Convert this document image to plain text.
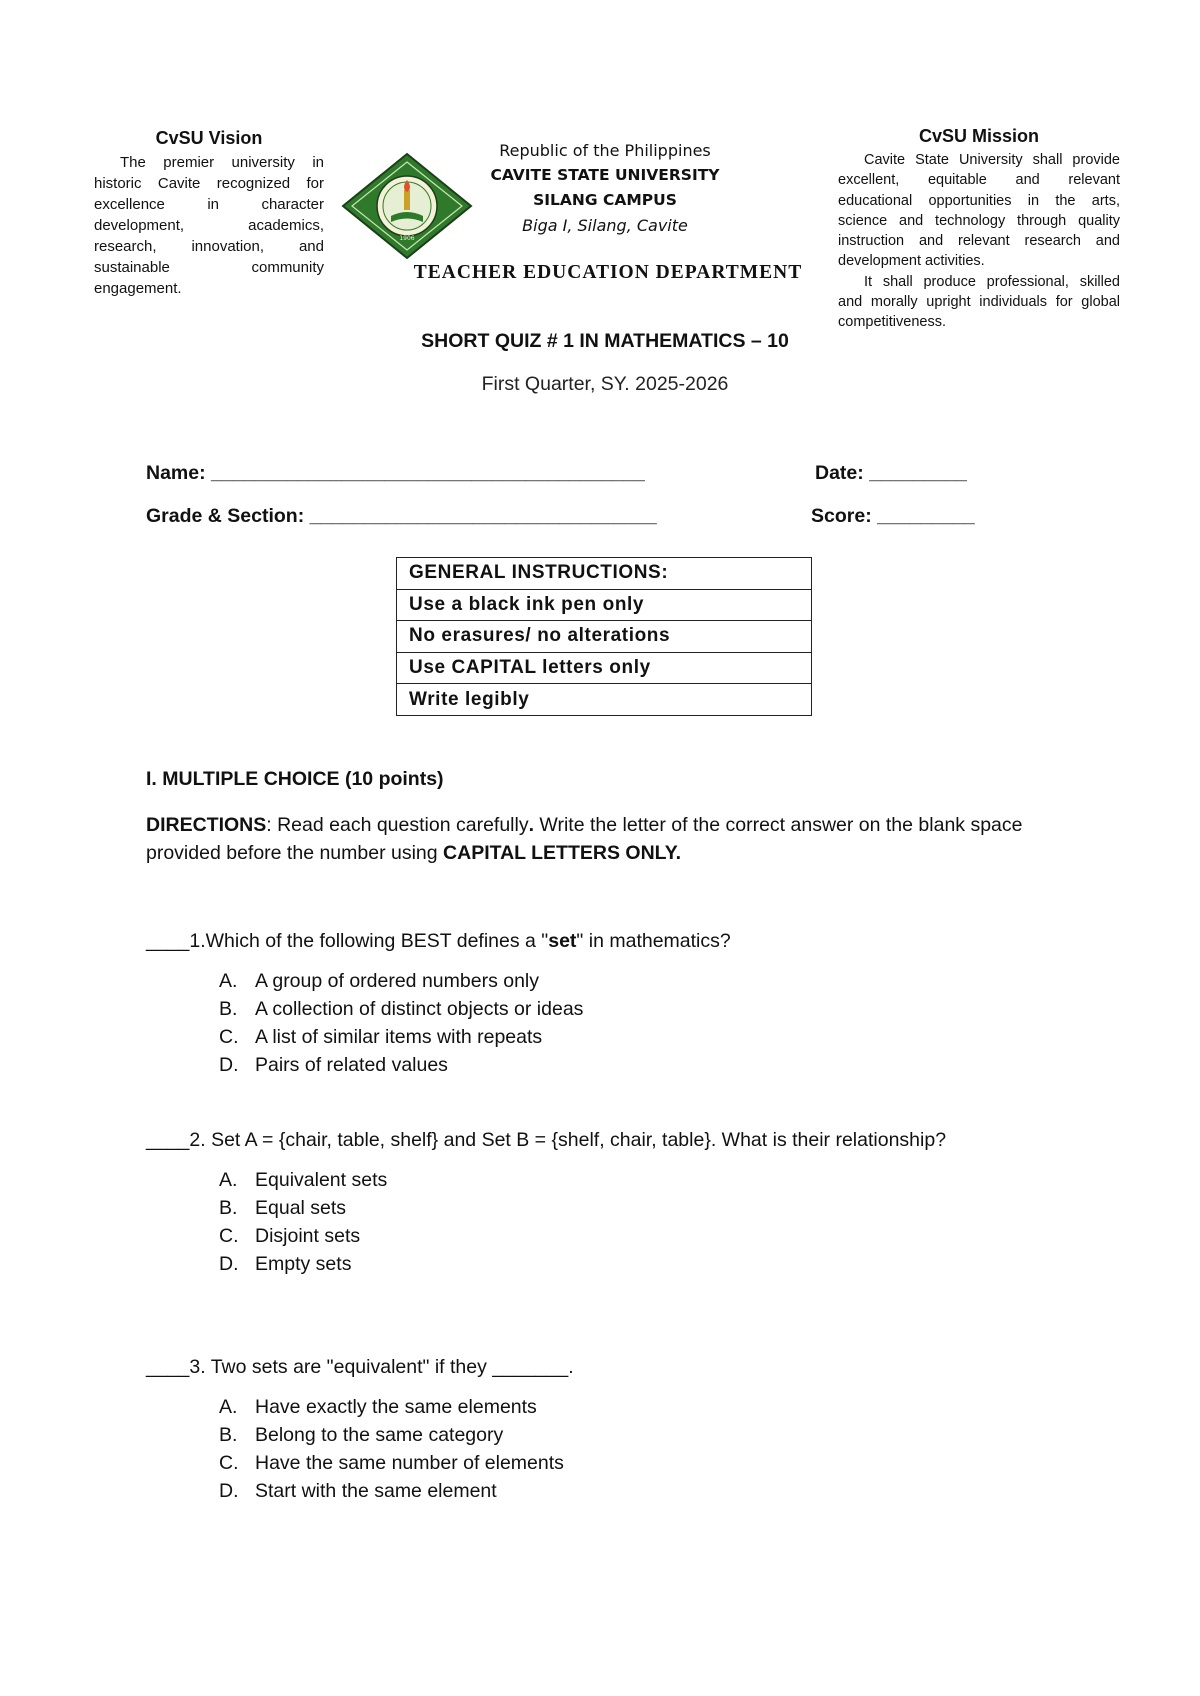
CvSU Vision
The premier university in historic Cavite recognized for excellence in character development, academics, research, innovation, and sustainable community engagement.
1906
Republic of the Philippines
CAVITE STATE UNIVERSITY
SILANG CAMPUS
Biga I, Silang, Cavite
TEACHER EDUCATION DEPARTMENT
CvSU Mission
Cavite State University shall provide excellent, equitable and relevant educational opportunities in the arts, science and technology through quality instruction and relevant research and development activities.
It shall produce professional, skilled and morally upright individuals for global competitiveness.
SHORT QUIZ # 1 IN MATHEMATICS – 10
First Quarter, SY. 2025-2026
Name: ________________________________________	Date: _________
Grade & Section: ________________________________	Score: _________
GENERAL INSTRUCTIONS:
Use a black ink pen only
No erasures/ no alterations
Use CAPITAL letters only
Write legibly
I. MULTIPLE CHOICE (10 points)
DIRECTIONS: Read each question carefully. Write the letter of the correct answer on the blank space provided before the number using CAPITAL LETTERS ONLY.
____ 1.Which of the following BEST defines a "set" in mathematics?
A. A group of ordered numbers only
B. A collection of distinct objects or ideas
C. A list of similar items with repeats
D. Pairs of related values
____ 2. Set A = {chair, table, shelf} and Set B = {shelf, chair, table}. What is their relationship?
A. Equivalent sets
B. Equal sets
C. Disjoint sets
D. Empty sets
____ 3. Two sets are "equivalent" if they _______.
A. Have exactly the same elements
B. Belong to the same category
C. Have the same number of elements
D. Start with the same element
